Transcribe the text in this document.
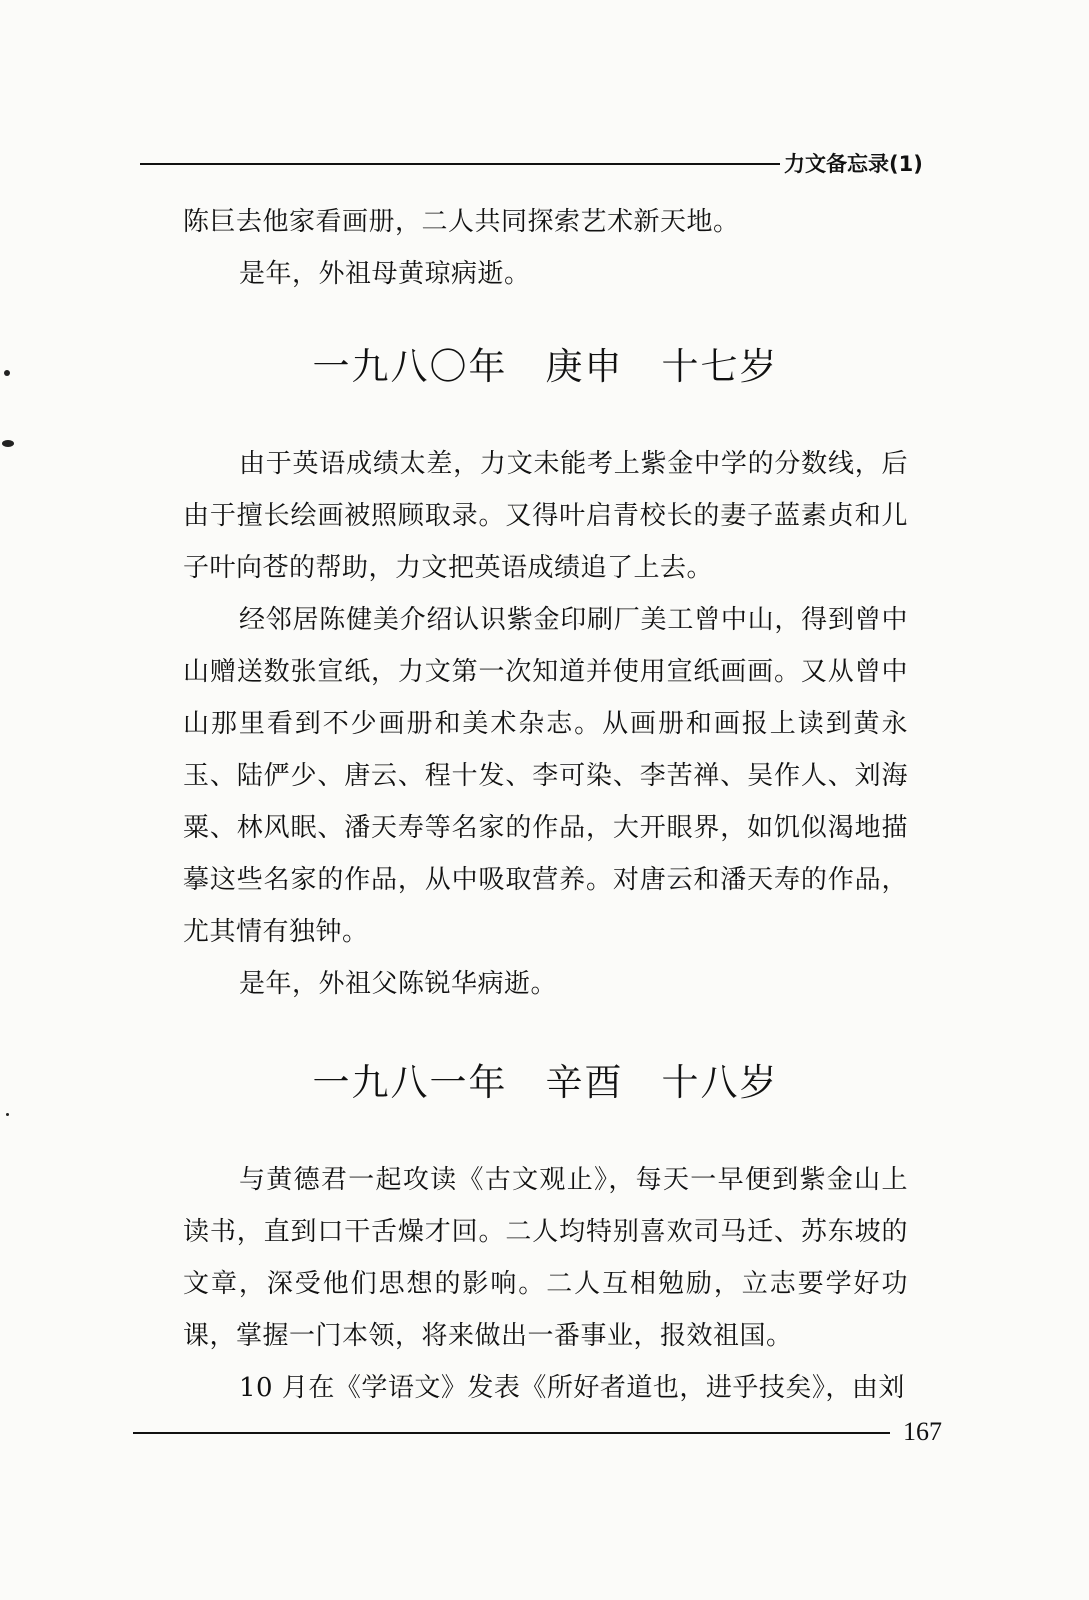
力文备忘录(1)

陈巨去他家看画册，二人共同探索艺术新天地。

是年，外祖母黄琼病逝。

一九八〇年 庚申 十七岁

由于英语成绩太差，力文未能考上紫金中学的分数线，后由于擅长绘画被照顾取录。又得叶启青校长的妻子蓝素贞和儿子叶向苍的帮助，力文把英语成绩追了上去。

经邻居陈健美介绍认识紫金印刷厂美工曾中山，得到曾中山赠送数张宣纸，力文第一次知道并使用宣纸画画。又从曾中山那里看到不少画册和美术杂志。从画册和画报上读到黄永玉、陆俨少、唐云、程十发、李可染、李苦禅、吴作人、刘海粟、林风眠、潘天寿等名家的作品，大开眼界，如饥似渴地描摹这些名家的作品，从中吸取营养。对唐云和潘天寿的作品，尤其情有独钟。

是年，外祖父陈锐华病逝。

一九八一年 辛酉 十八岁

与黄德君一起攻读《古文观止》，每天一早便到紫金山上读书，直到口干舌燥才回。二人均特别喜欢司马迁、苏东坡的文章，深受他们思想的影响。二人互相勉励，立志要学好功课，掌握一门本领，将来做出一番事业，报效祖国。

10 月在《学语文》发表《所好者道也，进乎技矣》，由刘

167
